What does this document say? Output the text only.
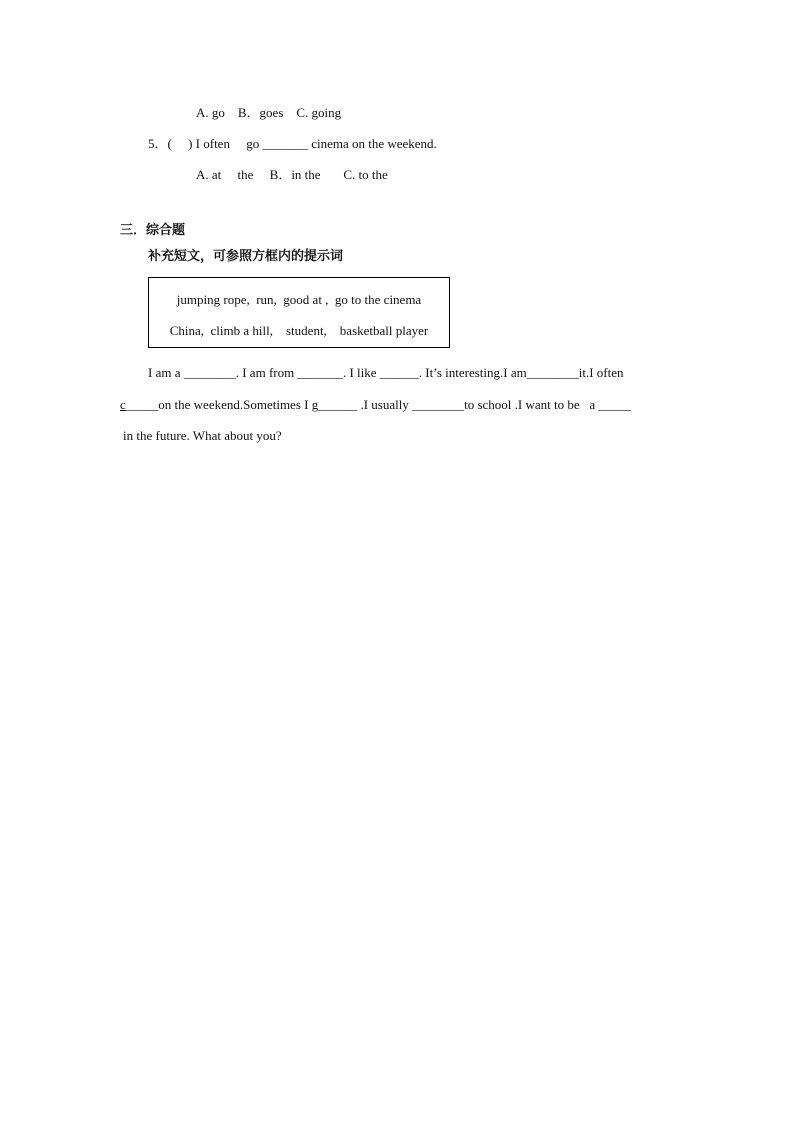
A. go    B．goes    C. going
5．(     ) I often     go _______ cinema on the weekend.
A. at     the     B．in the       C. to the
三．综合题
补充短文，可参照方框内的提示词
jumping rope,  run,  good at ,  go to the cinema
China,  climb a hill,    student,    basketball player
I am a ________. I am from _______. I like ______. It’s interesting.I am________it.I often
c_____on the weekend.Sometimes I g______ .I usually ________to school .I want to be   a _____
in the future. What about you?
